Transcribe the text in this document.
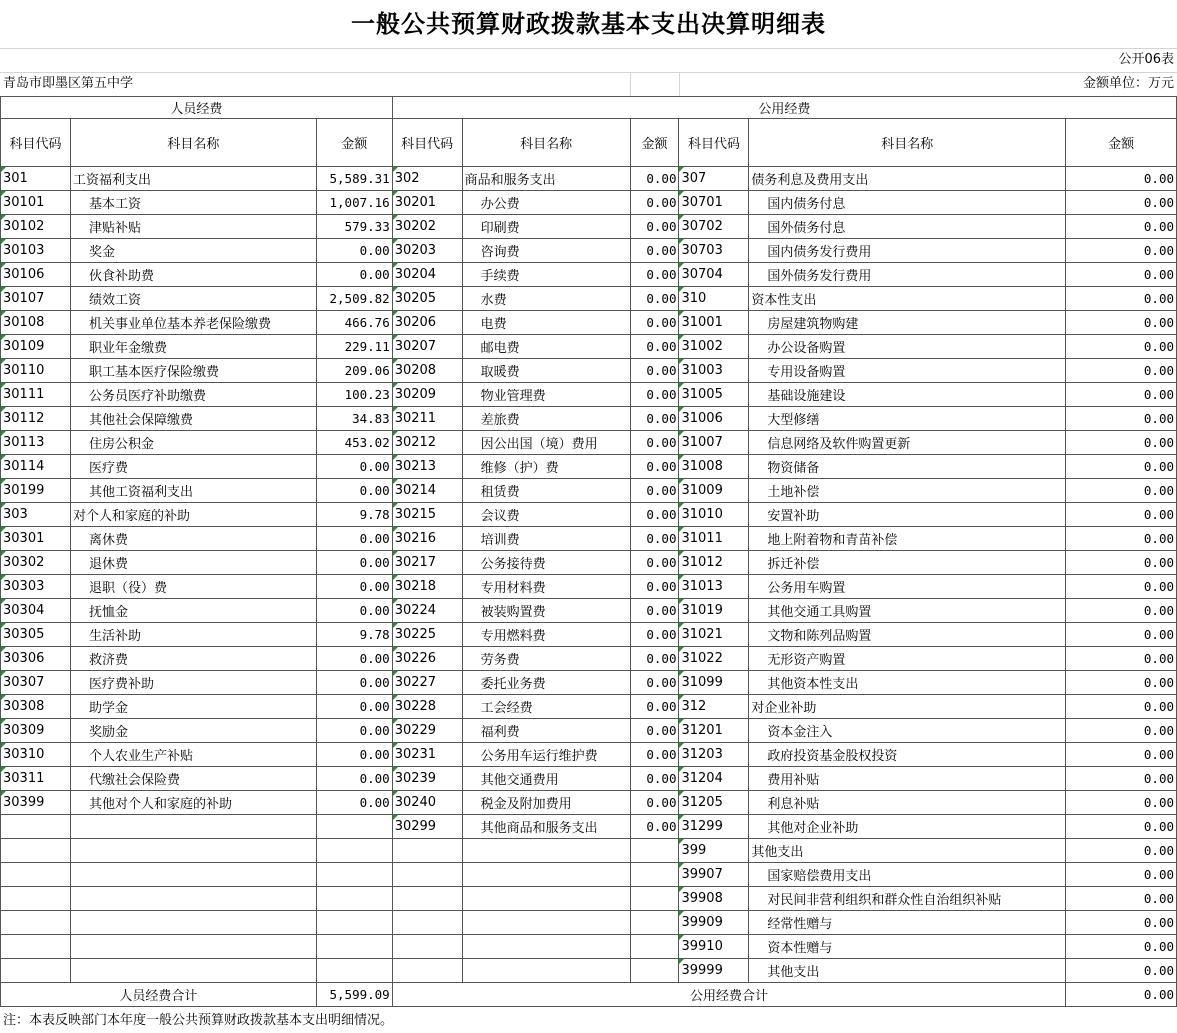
一般公共预算财政拨款基本支出决算明细表
公开06表
青岛市即墨区第五中学	金额单位：万元
人员经费			公用经费					
科目代码	科目名称	金额	科目代码	科目名称	金额	科目代码	科目名称	金额
301	工资福利支出	5,589.31	302	商品和服务支出	0.00	307	债务利息及费用支出	0.00
30101	基本工资	1,007.16	30201	办公费	0.00	30701	国内债务付息	0.00
30102	津贴补贴	579.33	30202	印刷费	0.00	30702	国外债务付息	0.00
30103	奖金	0.00	30203	咨询费	0.00	30703	国内债务发行费用	0.00
30106	伙食补助费	0.00	30204	手续费	0.00	30704	国外债务发行费用	0.00
30107	绩效工资	2,509.82	30205	水费	0.00	310	资本性支出	0.00
30108	机关事业单位基本养老保险缴费	466.76	30206	电费	0.00	31001	房屋建筑物购建	0.00
30109	职业年金缴费	229.11	30207	邮电费	0.00	31002	办公设备购置	0.00
30110	职工基本医疗保险缴费	209.06	30208	取暖费	0.00	31003	专用设备购置	0.00
30111	公务员医疗补助缴费	100.23	30209	物业管理费	0.00	31005	基础设施建设	0.00
30112	其他社会保障缴费	34.83	30211	差旅费	0.00	31006	大型修缮	0.00
30113	住房公积金	453.02	30212	因公出国（境）费用	0.00	31007	信息网络及软件购置更新	0.00
30114	医疗费	0.00	30213	维修（护）费	0.00	31008	物资储备	0.00
30199	其他工资福利支出	0.00	30214	租赁费	0.00	31009	土地补偿	0.00
303	对个人和家庭的补助	9.78	30215	会议费	0.00	31010	安置补助	0.00
30301	离休费	0.00	30216	培训费	0.00	31011	地上附着物和青苗补偿	0.00
30302	退休费	0.00	30217	公务接待费	0.00	31012	拆迁补偿	0.00
30303	退职（役）费	0.00	30218	专用材料费	0.00	31013	公务用车购置	0.00
30304	抚恤金	0.00	30224	被装购置费	0.00	31019	其他交通工具购置	0.00
30305	生活补助	9.78	30225	专用燃料费	0.00	31021	文物和陈列品购置	0.00
30306	救济费	0.00	30226	劳务费	0.00	31022	无形资产购置	0.00
30307	医疗费补助	0.00	30227	委托业务费	0.00	31099	其他资本性支出	0.00
30308	助学金	0.00	30228	工会经费	0.00	312	对企业补助	0.00
30309	奖励金	0.00	30229	福利费	0.00	31201	资本金注入	0.00
30310	个人农业生产补贴	0.00	30231	公务用车运行维护费	0.00	31203	政府投资基金股权投资	0.00
30311	代缴社会保险费	0.00	30239	其他交通费用	0.00	31204	费用补贴	0.00
30399	其他对个人和家庭的补助	0.00	30240	税金及附加费用	0.00	31205	利息补贴	0.00
			30299	其他商品和服务支出	0.00	31299	其他对企业补助	0.00
						399	其他支出	0.00
						39907	国家赔偿费用支出	0.00
						39908	对民间非营利组织和群众性自治组织补贴	0.00
						39909	经常性赠与	0.00
						39910	资本性赠与	0.00
						39999	其他支出	0.00
人员经费合计		5,599.09	公用经费合计					0.00
注：本表反映部门本年度一般公共预算财政拨款基本支出明细情况。
